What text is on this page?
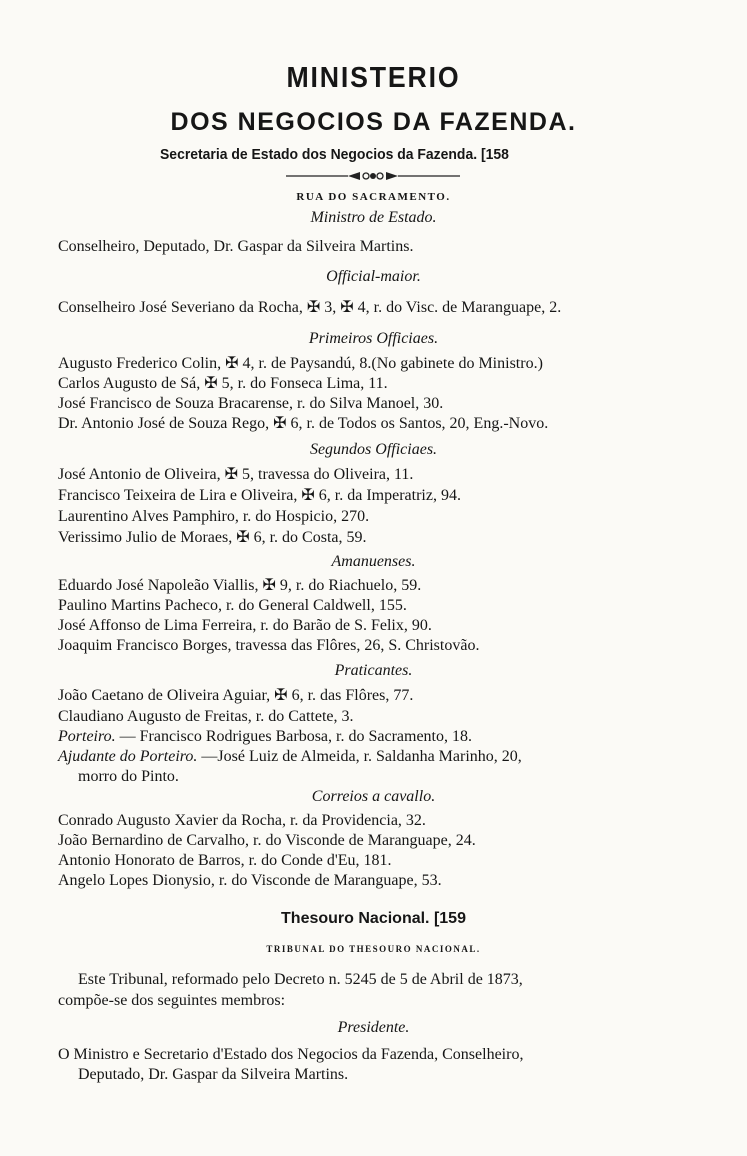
MINISTERIO
DOS NEGOCIOS DA FAZENDA.
Secretaria de Estado dos Negocios da Fazenda. [158
RUA DO SACRAMENTO.
Ministro de Estado.
Conselheiro, Deputado, Dr. Gaspar da Silveira Martins.
Official-maior.
Conselheiro José Severiano da Rocha, ✠ 3, ✠ 4, r. do Visc. de Maranguape, 2.
Primeiros Officiaes.
Augusto Frederico Colin, ✠ 4, r. de Paysandú, 8.(No gabinete do Ministro.)
Carlos Augusto de Sá, ✠ 5, r. do Fonseca Lima, 11.
José Francisco de Souza Bracarense, r. do Silva Manoel, 30.
Dr. Antonio José de Souza Rego, ✠ 6, r. de Todos os Santos, 20, Eng.-Novo.
Segundos Officiaes.
José Antonio de Oliveira, ✠ 5, travessa do Oliveira, 11.
Francisco Teixeira de Lira e Oliveira, ✠ 6, r. da Imperatriz, 94.
Laurentino Alves Pamphiro, r. do Hospicio, 270.
Verissimo Julio de Moraes, ✠ 6, r. do Costa, 59.
Amanuenses.
Eduardo José Napoleão Viallis, ✠ 9, r. do Riachuelo, 59.
Paulino Martins Pacheco, r. do General Caldwell, 155.
José Affonso de Lima Ferreira, r. do Barão de S. Felix, 90.
Joaquim Francisco Borges, travessa das Flôres, 26, S. Christovão.
Praticantes.
João Caetano de Oliveira Aguiar, ✠ 6, r. das Flôres, 77.
Claudiano Augusto de Freitas, r. do Cattete, 3.
Porteiro. — Francisco Rodrigues Barbosa, r. do Sacramento, 18.
Ajudante do Porteiro. —José Luiz de Almeida, r. Saldanha Marinho, 20,
morro do Pinto.
Correios a cavallo.
Conrado Augusto Xavier da Rocha, r. da Providencia, 32.
João Bernardino de Carvalho, r. do Visconde de Maranguape, 24.
Antonio Honorato de Barros, r. do Conde d'Eu, 181.
Angelo Lopes Dionysio, r. do Visconde de Maranguape, 53.
Thesouro Nacional. [159
TRIBUNAL DO THESOURO NACIONAL.
Este Tribunal, reformado pelo Decreto n. 5245 de 5 de Abril de 1873,
compõe-se dos seguintes membros:
Presidente.
O Ministro e Secretario d'Estado dos Negocios da Fazenda, Conselheiro,
Deputado, Dr. Gaspar da Silveira Martins.
